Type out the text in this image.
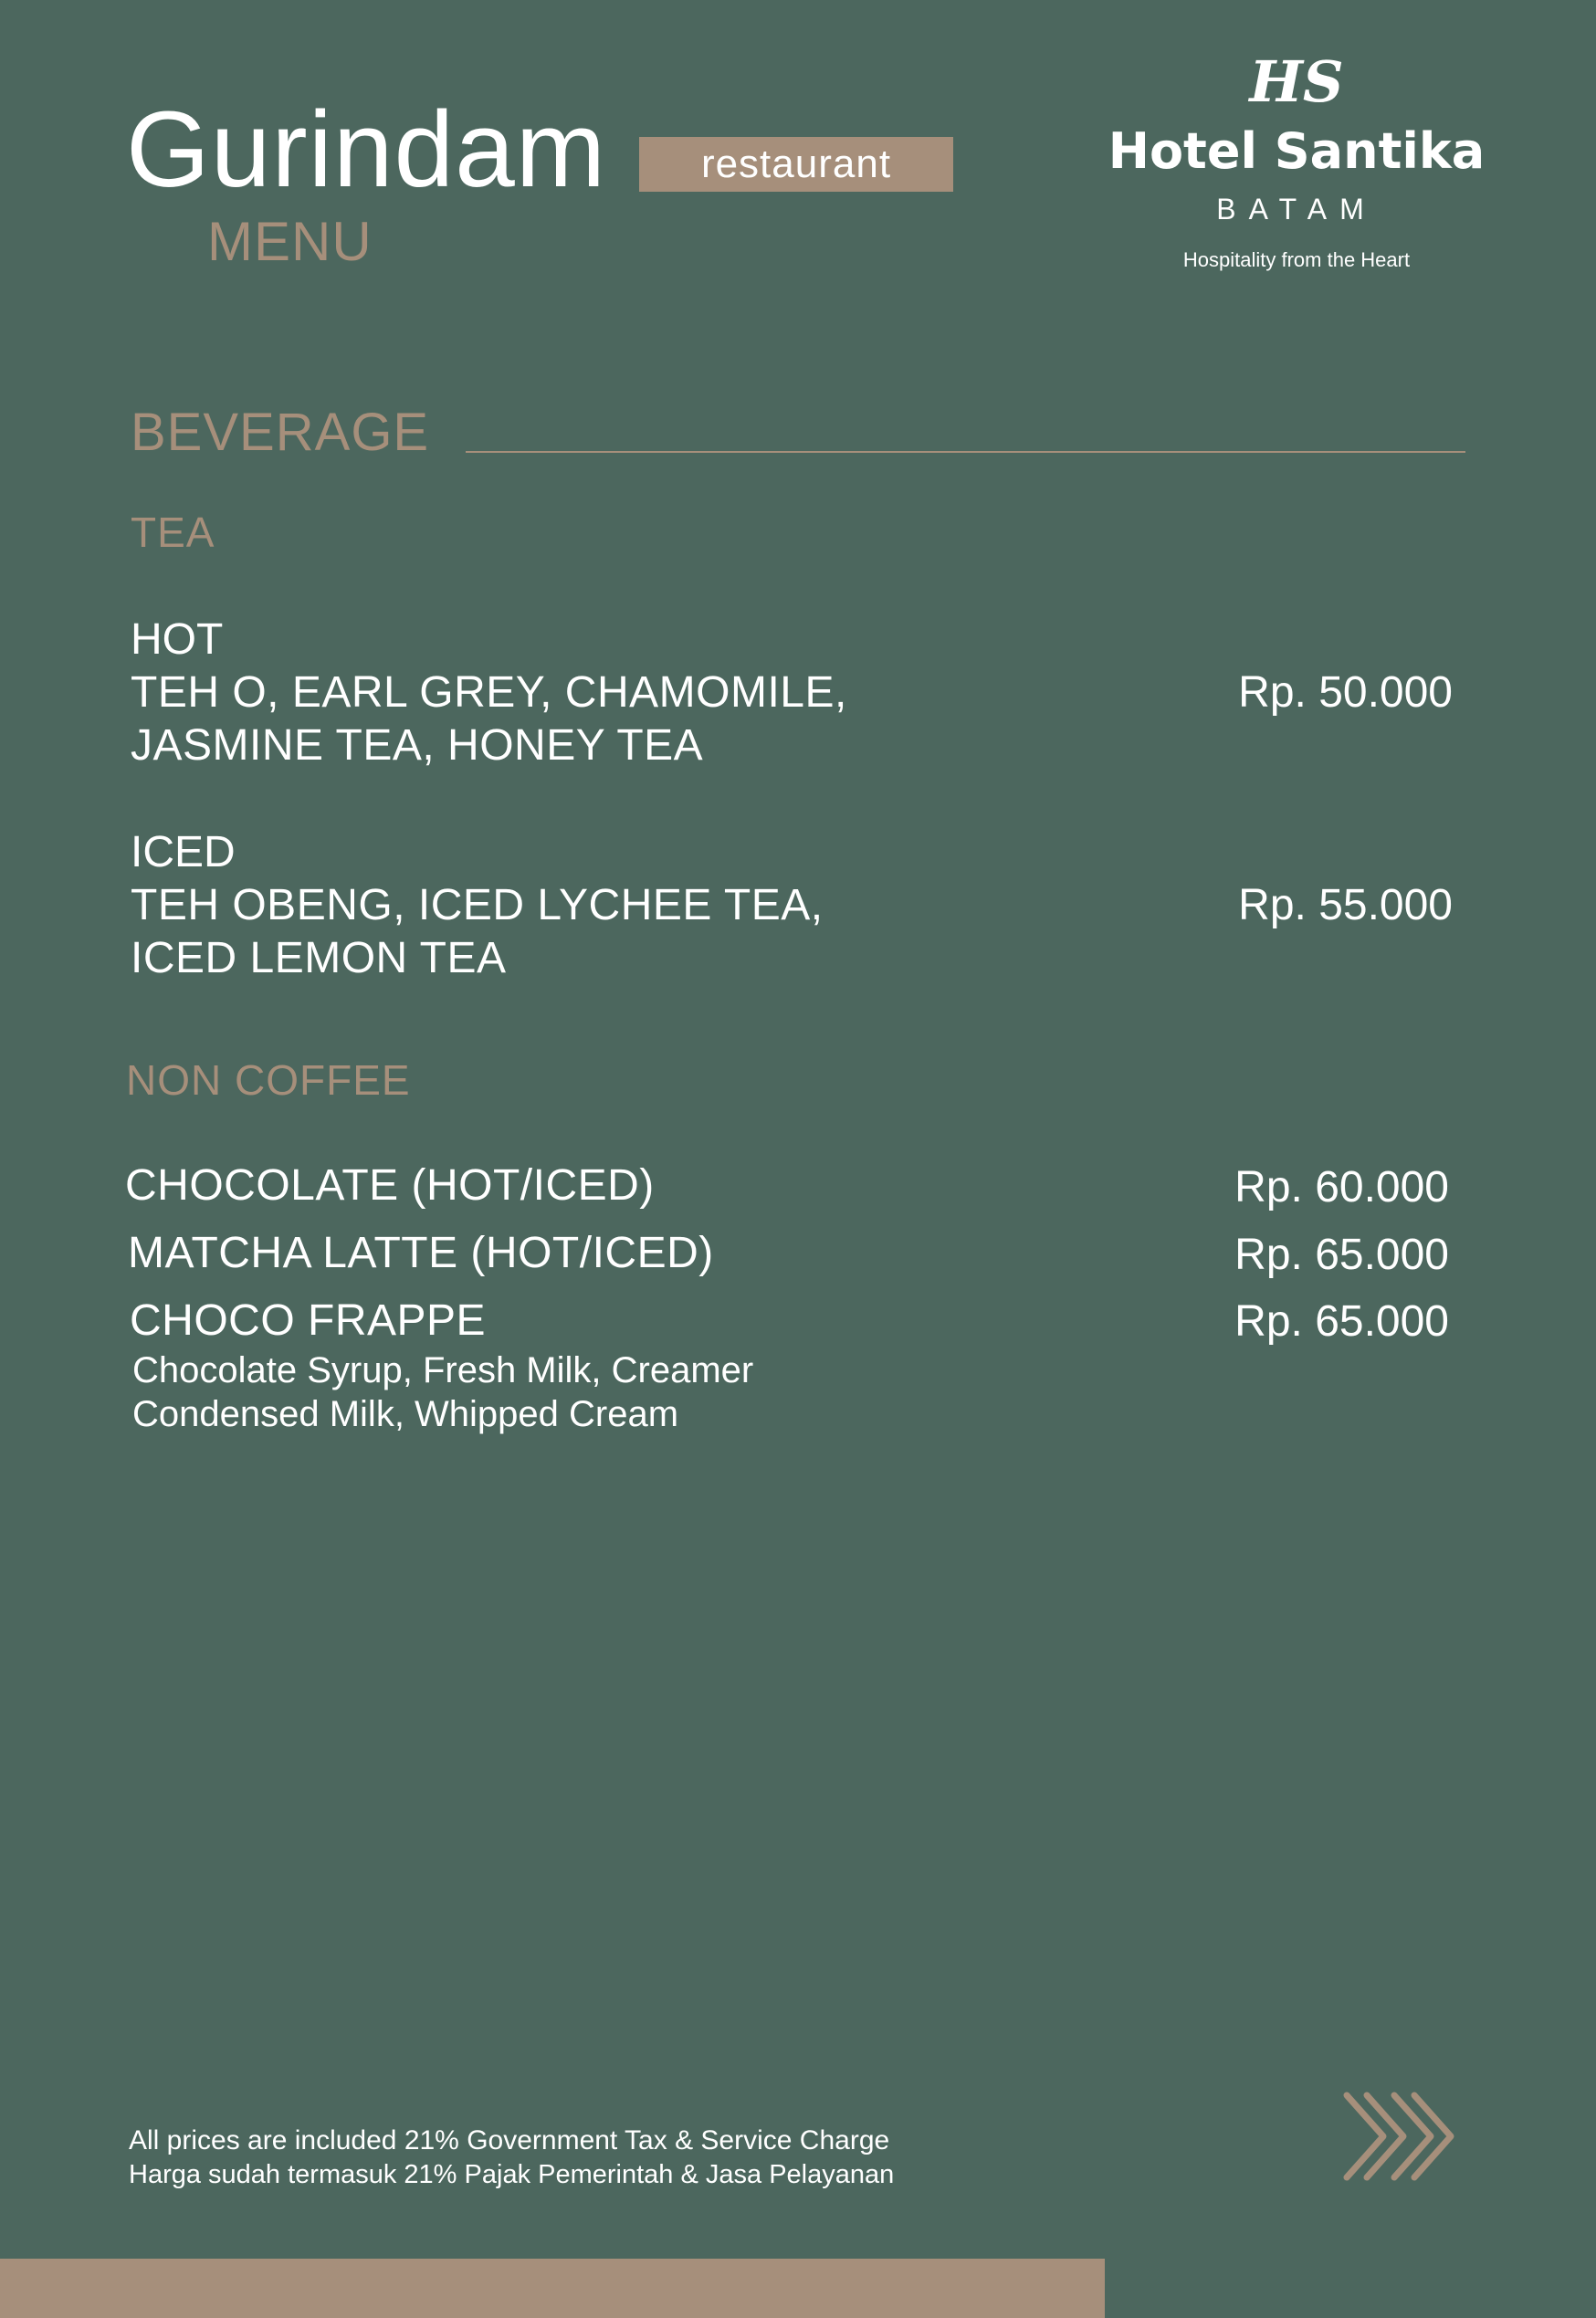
Gurindam	restaurant
MENU
HS
Hotel Santika
BATAM
Hospitality from the Heart
BEVERAGE
TEA
HOT
TEH O, EARL GREY, CHAMOMILE,
JASMINE TEA, HONEY TEA
Rp. 50.000
ICED
TEH OBENG, ICED LYCHEE TEA,
ICED LEMON TEA
Rp. 55.000
NON COFFEE
CHOCOLATE (HOT/ICED)	Rp. 60.000
MATCHA LATTE (HOT/ICED)	Rp. 65.000
CHOCO FRAPPE	Rp. 65.000
Chocolate Syrup, Fresh Milk, Creamer
Condensed Milk, Whipped Cream
All prices are included 21% Government Tax & Service Charge
Harga sudah termasuk 21% Pajak Pemerintah & Jasa Pelayanan
